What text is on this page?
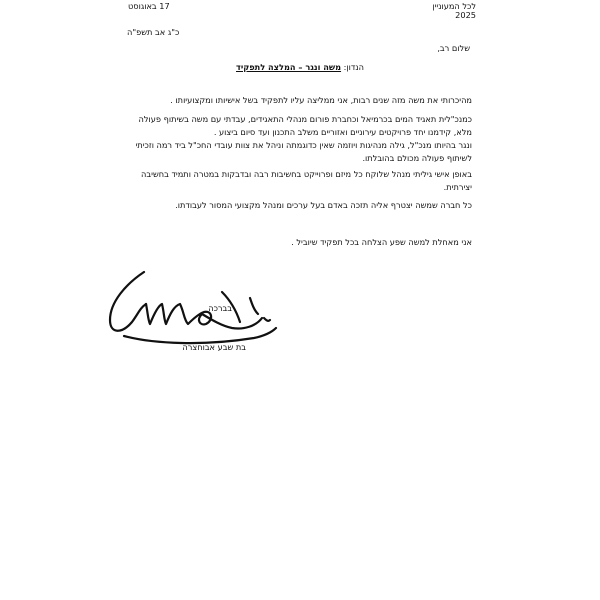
לכל המעוניין
2025
17 באוגוסט
כ"ג אב תשפ"ה
שלום רב,
הנדון: משה ונגר – המלצה לתפקיד
מהיכרותי את משה מזה שנים רבות, אני ממליצה עליו לתפקיד בשל אישיותו ומקצועיותו .
כמנכ"לית תאגיד המים בכרמיאל וכחברת פורום מנהלי התאגידים, עבדתי עם משה בשיתוף פעולה מלא, קידמנו יחד פרויקטים עירוניים ואזוריים משלב התכנון ועד סיום ביצוע .
ונגר בהיותו מנכ"ל, גילה מנהיגות ויוזמה שאין כדוגמתה וניהל את צוות עובדי החכ"ל ביד רמה וזכיתי לשיתוף פעולה מכולם בהובלתו.
באופן אישי גיליתי מנהל שלוקח כל מיזם ופרוייקט בחשיבות רבה ובדבקות במטרה ותמיד בחשיבה יצירתית.
כל חברה שמשה יצטרף אליה תזכה באדם בעל ערכים ומנהל מקצועי המסור לעבודתו.
אני מאחלת למשה שפע הצלחה בכל תפקיד שיוביל .
בברכה
בת שבע אבוחצרה
